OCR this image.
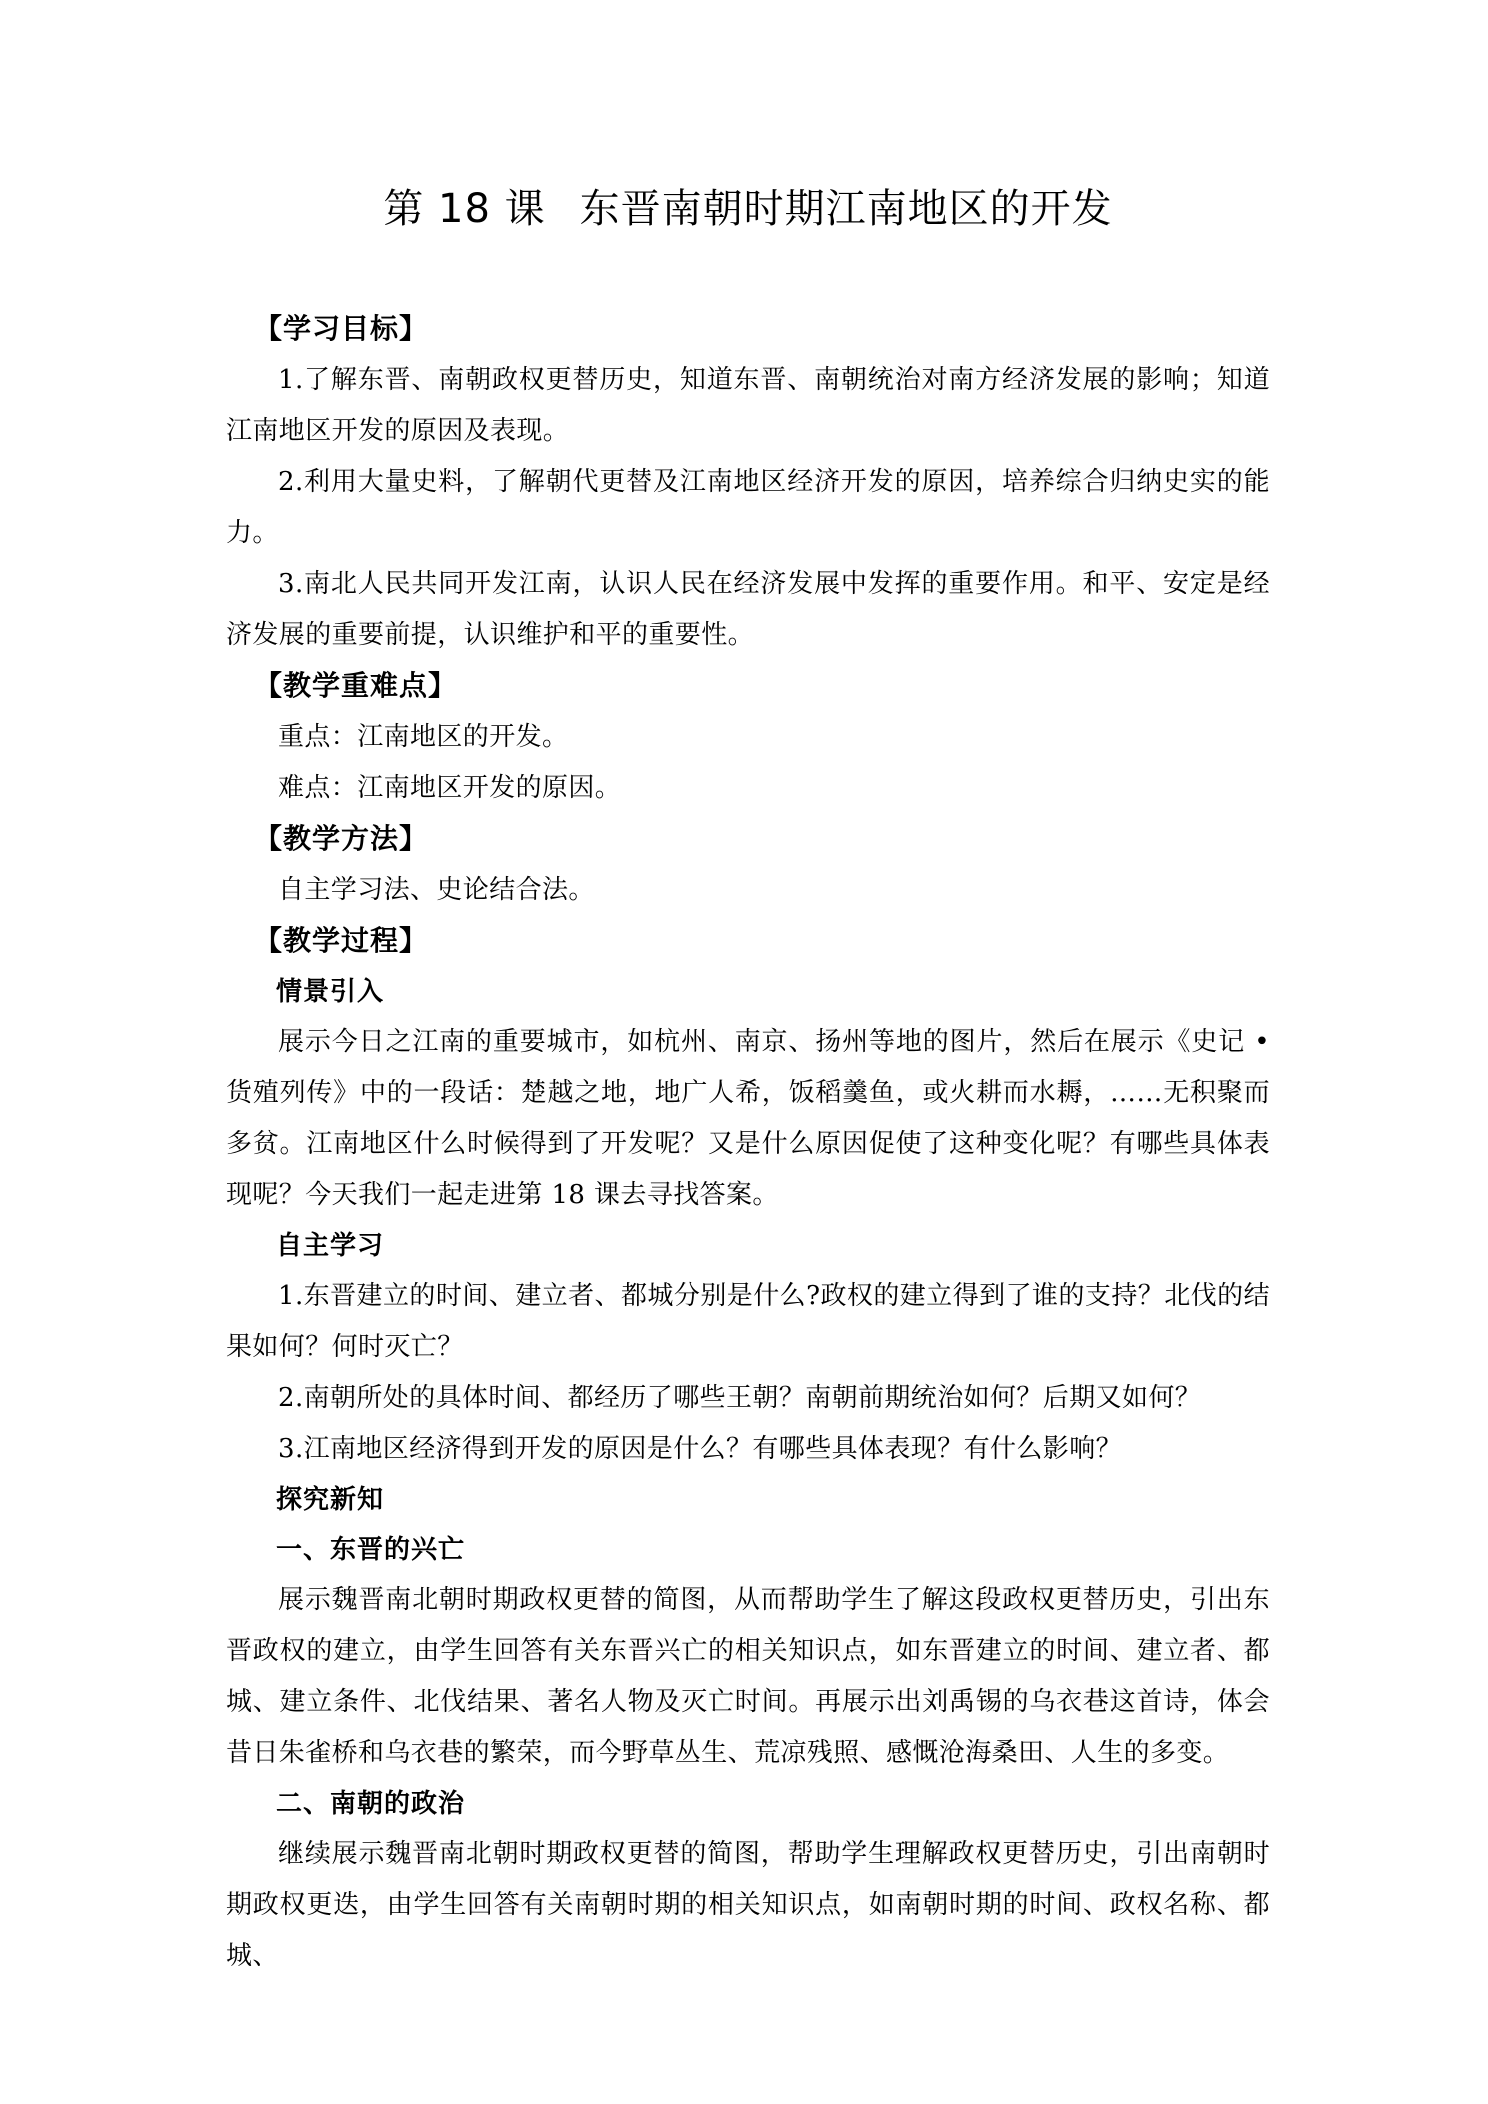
第 18 课 东晋南朝时期江南地区的开发
【学习目标】

1.了解东晋、南朝政权更替历史，知道东晋、南朝统治对南方经济发展的影响；知道江南地区开发的原因及表现。

2.利用大量史料，了解朝代更替及江南地区经济开发的原因，培养综合归纳史实的能力。

3.南北人民共同开发江南，认识人民在经济发展中发挥的重要作用。和平、安定是经济发展的重要前提，认识维护和平的重要性。

【教学重难点】

重点：江南地区的开发。

难点：江南地区开发的原因。

【教学方法】

自主学习法、史论结合法。

【教学过程】
情景引入

展示今日之江南的重要城市，如杭州、南京、扬州等地的图片，然后在展示《史记 • 货殖列传》中的一段话：楚越之地，地广人希，饭稻羹鱼，或火耕而水耨，……无积聚而多贫。江南地区什么时候得到了开发呢？又是什么原因促使了这种变化呢？有哪些具体表现呢？今天我们一起走进第 18 课去寻找答案。

自主学习

1.东晋建立的时间、建立者、都城分别是什么?政权的建立得到了谁的支持？北伐的结果如何？何时灭亡？

2.南朝所处的具体时间、都经历了哪些王朝？南朝前期统治如何？后期又如何？

3.江南地区经济得到开发的原因是什么？有哪些具体表现？有什么影响？

探究新知
一、东晋的兴亡

展示魏晋南北朝时期政权更替的简图，从而帮助学生了解这段政权更替历史，引出东晋政权的建立，由学生回答有关东晋兴亡的相关知识点，如东晋建立的时间、建立者、都城、建立条件、北伐结果、著名人物及灭亡时间。再展示出刘禹锡的乌衣巷这首诗，体会昔日朱雀桥和乌衣巷的繁荣，而今野草丛生、荒凉残照、感慨沧海桑田、人生的多变。

二、南朝的政治

继续展示魏晋南北朝时期政权更替的简图，帮助学生理解政权更替历史，引出南朝时期政权更迭，由学生回答有关南朝时期的相关知识点，如南朝时期的时间、政权名称、都城、
